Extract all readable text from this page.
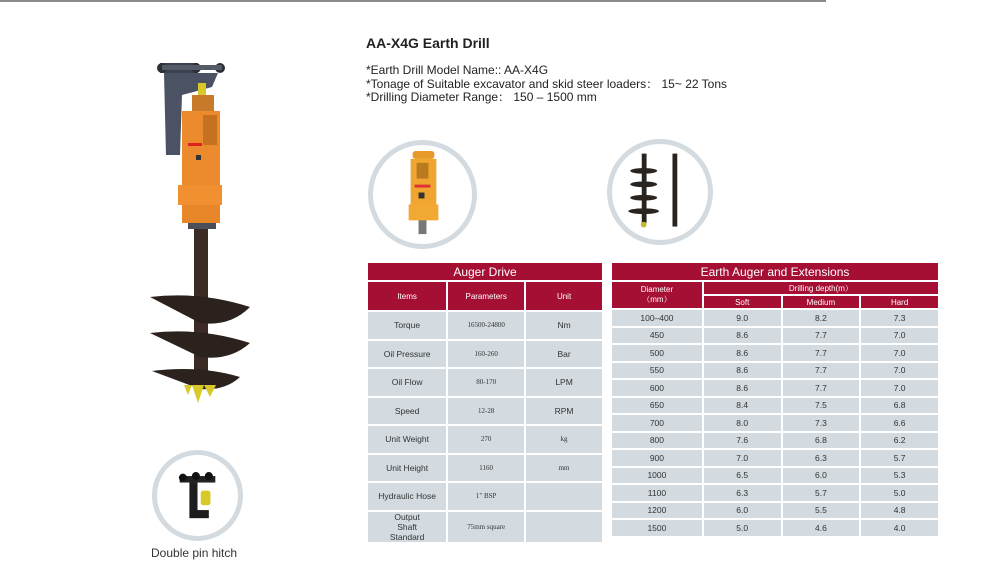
AA-X4G Earth Drill
*Earth Drill Model Name:: AA-X4G
*Tonage of Suitable excavator and skid steer loaders： 15~ 22 Tons
*Drilling Diameter Range： 150 – 1500 mm
Double pin hitch
Auger Drive		
Items	Parameters	Unit
Torque	16500-24800	Nm
Oil Pressure	160-260	Bar
Oil Flow	80-170	LPM
Speed	12-28	RPM
Unit Weight	270	kg
Unit Height	1160	mm
Hydraulic Hose	1" BSP	
Output Shaft Standard	75mm square	
Earth Auger and Extensions			

Diameter
（mm）	Drilling depth(m）		
	Soft	Medium	Hard
100–400	9.0	8.2	7.3
450	8.6	7.7	7.0
500	8.6	7.7	7.0
550	8.6	7.7	7.0
600	8.6	7.7	7.0
650	8.4	7.5	6.8
700	8.0	7.3	6.6
800	7.6	6.8	6.2
900	7.0	6.3	5.7
1000	6.5	6.0	5.3
1100	6.3	5.7	5.0
1200	6.0	5.5	4.8
1500	5.0	4.6	4.0
